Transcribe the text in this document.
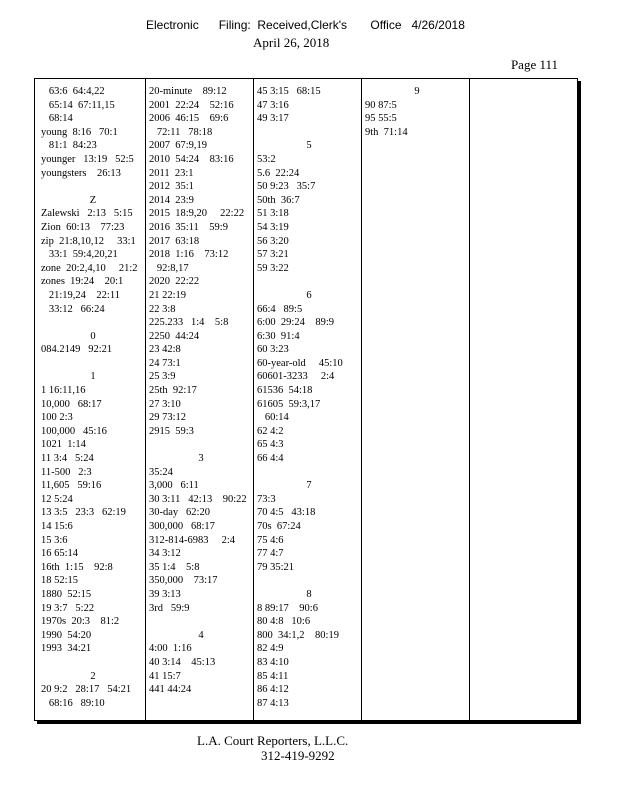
Electronic      Filing:  Received,Clerk's       Office   4/26/2018
April 26, 2018
Page 111
63:6  64:4,22
65:14  67:11,15
68:14
young  8:16   70:1
81:1  84:23
younger   13:19   52:5
youngsters    26:13
Z
Zalewski   2:13   5:15
Zion  60:13    77:23
zip  21:8,10,12     33:1
33:1  59:4,20,21
zone  20:2,4,10     21:2
zones  19:24    20:1
21:19,24    22:11
33:12   66:24
0
084.2149   92:21
1
1 16:11,16
10,000   68:17
100 2:3
100,000   45:16
1021  1:14
11 3:4   5:24
11-500   2:3
11,605   59:16
12 5:24
13 3:5   23:3   62:19
14 15:6
15 3:6
16 65:14
16th  1:15    92:8
18 52:15
1880  52:15
19 3:7   5:22
1970s  20:3    81:2
1990  54:20
1993  34:21
2
20 9:2   28:17   54:21
68:16   89:10
20-minute    89:12
2001  22:24    52:16
2006  46:15    69:6
72:11   78:18
2007  67:9,19
2010  54:24    83:16
2011  23:1
2012  35:1
2014  23:9
2015  18:9,20     22:22
2016  35:11    59:9
2017  63:18
2018  1:16    73:12
92:8,17
2020  22:22
21 22:19
22 3:8
225.233   1:4    5:8
2250  44:24
23 42:8
24 73:1
25 3:9
25th  92:17
27 3:10
29 73:12
2915  59:3
3
35:24
3,000   6:11
30 3:11   42:13    90:22
30-day   62:20
300,000   68:17
312-814-6983     2:4
34 3:12
35 1:4    5:8
350,000    73:17
39 3:13
3rd   59:9
4
4:00  1:16
40 3:14    45:13
41 15:7
441 44:24
45 3:15   68:15
47 3:16
49 3:17
5
53:2
5.6  22:24
50 9:23   35:7
50th  36:7
51 3:18
54 3:19
56 3:20
57 3:21
59 3:22
6
66:4   89:5
6:00  29:24    89:9
6:30  91:4
60 3:23
60-year-old     45:10
60601-3233     2:4
61536  54:18
61605  59:3,17
60:14
62 4:2
65 4:3
66 4:4
7
73:3
70 4:5   43:18
70s  67:24
75 4:6
77 4:7
79 35:21
8
8 89:17    90:6
80 4:8   10:6
800  34:1,2    80:19
82 4:9
83 4:10
85 4:11
86 4:12
87 4:13
9
90 87:5
95 55:5
9th  71:14
L.A. Court Reporters, L.L.C.
312-419-9292
